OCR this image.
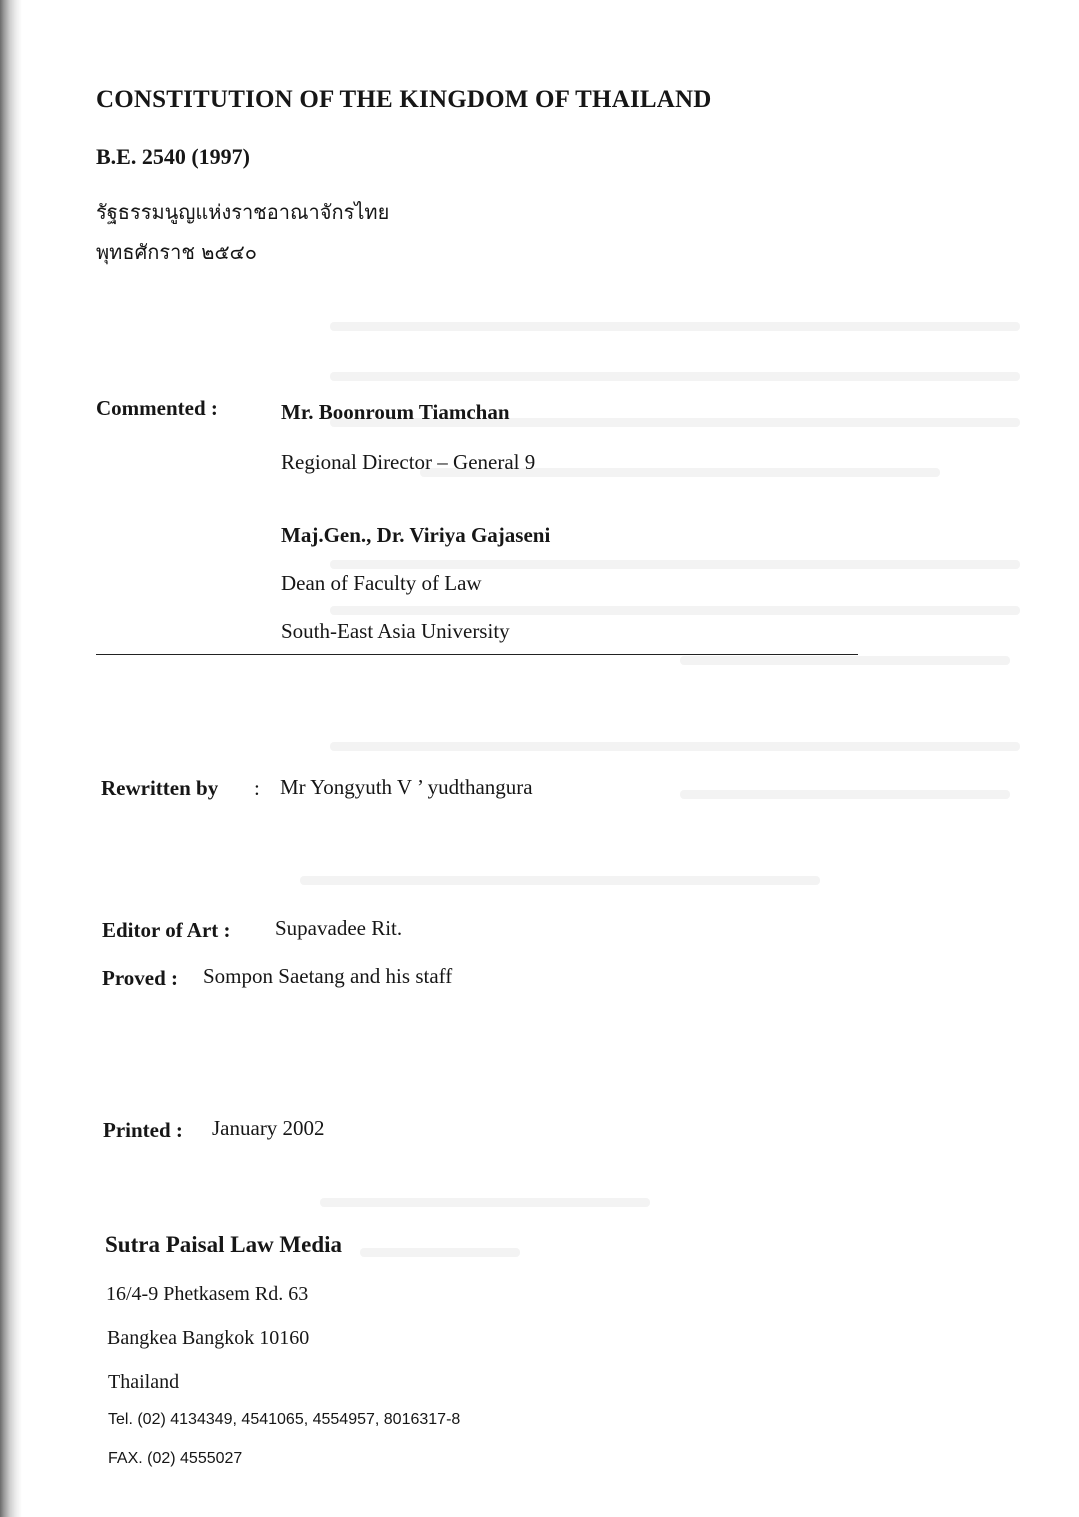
CONSTITUTION OF THE KINGDOM OF THAILAND
B.E. 2540 (1997)
รัฐธรรมนูญแห่งราชอาณาจักรไทย
พุทธศักราช ๒๕๔๐
Commented :	Mr. Boonroum Tiamchan
Regional Director – General 9
Maj.Gen., Dr. Viriya Gajaseni
Dean of Faculty of Law
South-East Asia University
Rewritten by : Mr Yongyuth V ’ yudthangura
Editor of Art : Supavadee Rit.
Proved : Sompon Saetang and his staff
Printed : January 2002
Sutra Paisal Law Media
16/4-9 Phetkasem Rd. 63
Bangkea Bangkok 10160
Thailand
Tel. (02) 4134349, 4541065, 4554957, 8016317-8
FAX. (02) 4555027
